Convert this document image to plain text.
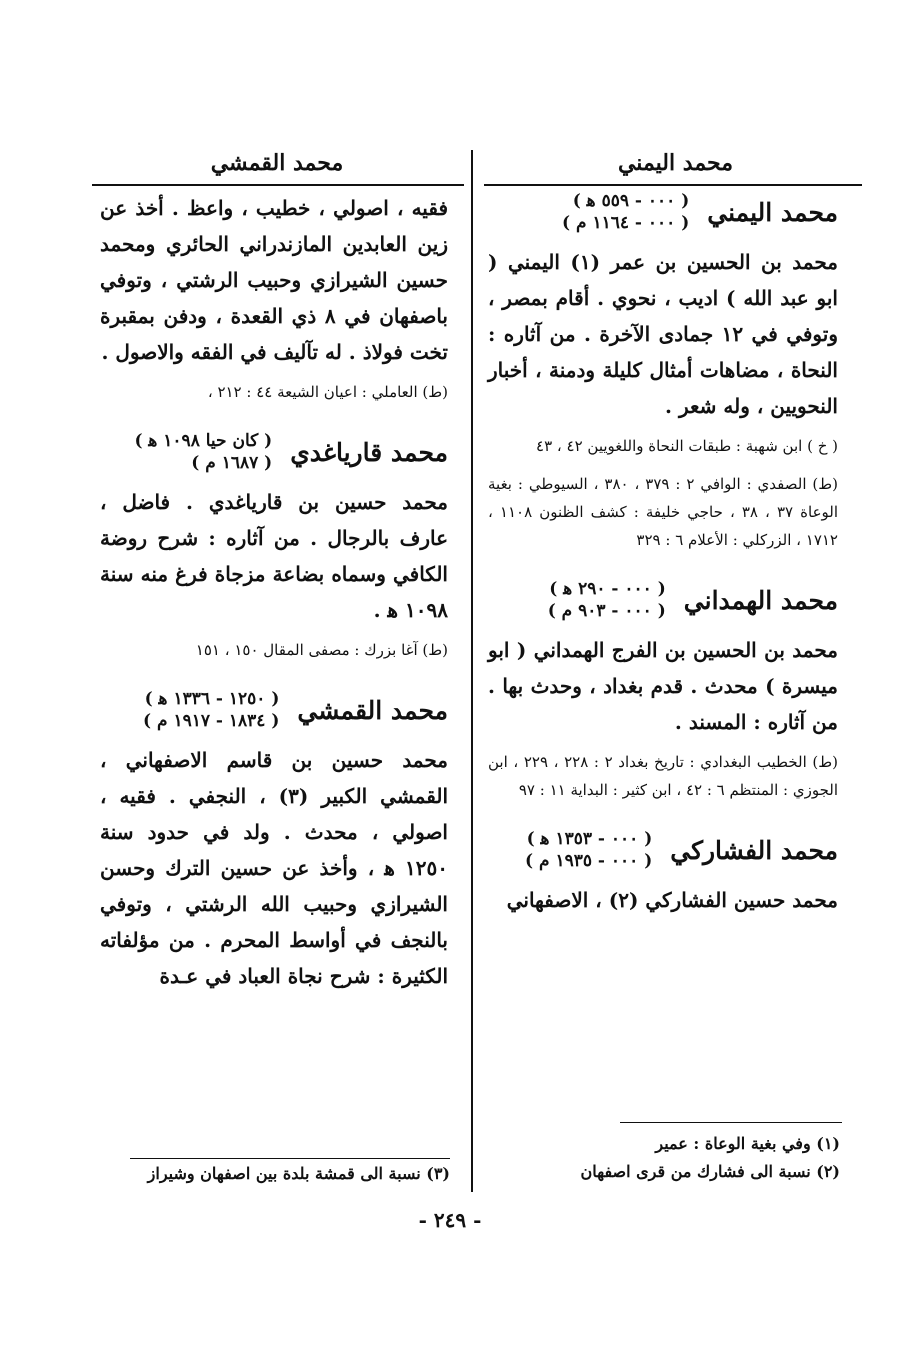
محمد اليمني
محمد القمشي
محمد اليمني
( ٠٠٠ - ٥٥٩ ﻫ )
( ٠٠٠ - ١١٦٤ م )

محمد بن الحسين بن عمر (١) اليمني ( ابو عبد الله ) اديب ، نحوي . أقام بمصر ، وتوفي في ١٢ جمادى الآخرة . من آثاره : النحاة ، مضاهات أمثال كليلة ودمنة ، أخبار النحويين ، وله شعر .

( خ ) ابن شهبة : طبقات النحاة واللغويين ٤٢ ، ٤٣

(ط) الصفدي : الوافي ٢ : ٣٧٩ ، ٣٨٠ ، السيوطي : بغية الوعاة ٣٧ ، ٣٨ ، حاجي خليفة : كشف الظنون ١١٠٨ ، ١٧١٢ ، الزركلي : الأعلام ٦ : ٣٢٩

محمد الهمداني
( ٠٠٠ - ٢٩٠ ﻫ )
( ٠٠٠ - ٩٠٣ م )

محمد بن الحسين بن الفرج الهمداني ( ابو ميسرة ) محدث . قدم بغداد ، وحدث بها . من آثاره : المسند .

(ط) الخطيب البغدادي : تاريخ بغداد ٢ : ٢٢٨ ، ٢٢٩ ، ابن الجوزي : المنتظم ٦ : ٤٢ ، ابن كثير : البداية ١١ : ٩٧

محمد الفشاركي
( ٠٠٠ - ١٣٥٣ ﻫ )
( ٠٠٠ - ١٩٣٥ م )

محمد حسين الفشاركي (٢) ، الاصفهاني

(١) وفي بغية الوعاة : عمير
(٢) نسبة الى فشارك من قرى اصفهان

فقيه ، اصولي ، خطيب ، واعظ . أخذ عن زين العابدين المازندراني الحائري ومحمد حسين الشيرازي وحبيب الرشتي ، وتوفي باصفهان في ٨ ذي القعدة ، ودفن بمقبرة تخت فولاذ . له تآليف في الفقه والاصول .

(ط) العاملي : اعيان الشيعة ٤٤ : ٢١٢ ،

محمد قارياغدي
( كان حيا ١٠٩٨ ﻫ )
( ١٦٨٧ م )

محمد حسين بن قارياغدي . فاضل ، عارف بالرجال . من آثاره : شرح روضة الكافي وسماه بضاعة مزجاة فرغ منه سنة ١٠٩٨ ﻫ .

(ط) آغا بزرك : مصفى المقال ١٥٠ ، ١٥١

محمد القمشي
( ١٢٥٠ - ١٣٣٦ ﻫ )
( ١٨٣٤ - ١٩١٧ م )

محمد حسين بن قاسم الاصفهاني ، القمشي الكبير (٣) ، النجفي . فقيه ، اصولي ، محدث . ولد في حدود سنة ١٢٥٠ ﻫ ، وأخذ عن حسين الترك وحسن الشيرازي وحبيب الله الرشتي ، وتوفي بالنجف في أواسط المحرم . من مؤلفاته الكثيرة : شرح نجاة العباد في عـدة

(٣) نسبة الى قمشة بلدة بين اصفهان وشيراز
- ٢٤٩ -
